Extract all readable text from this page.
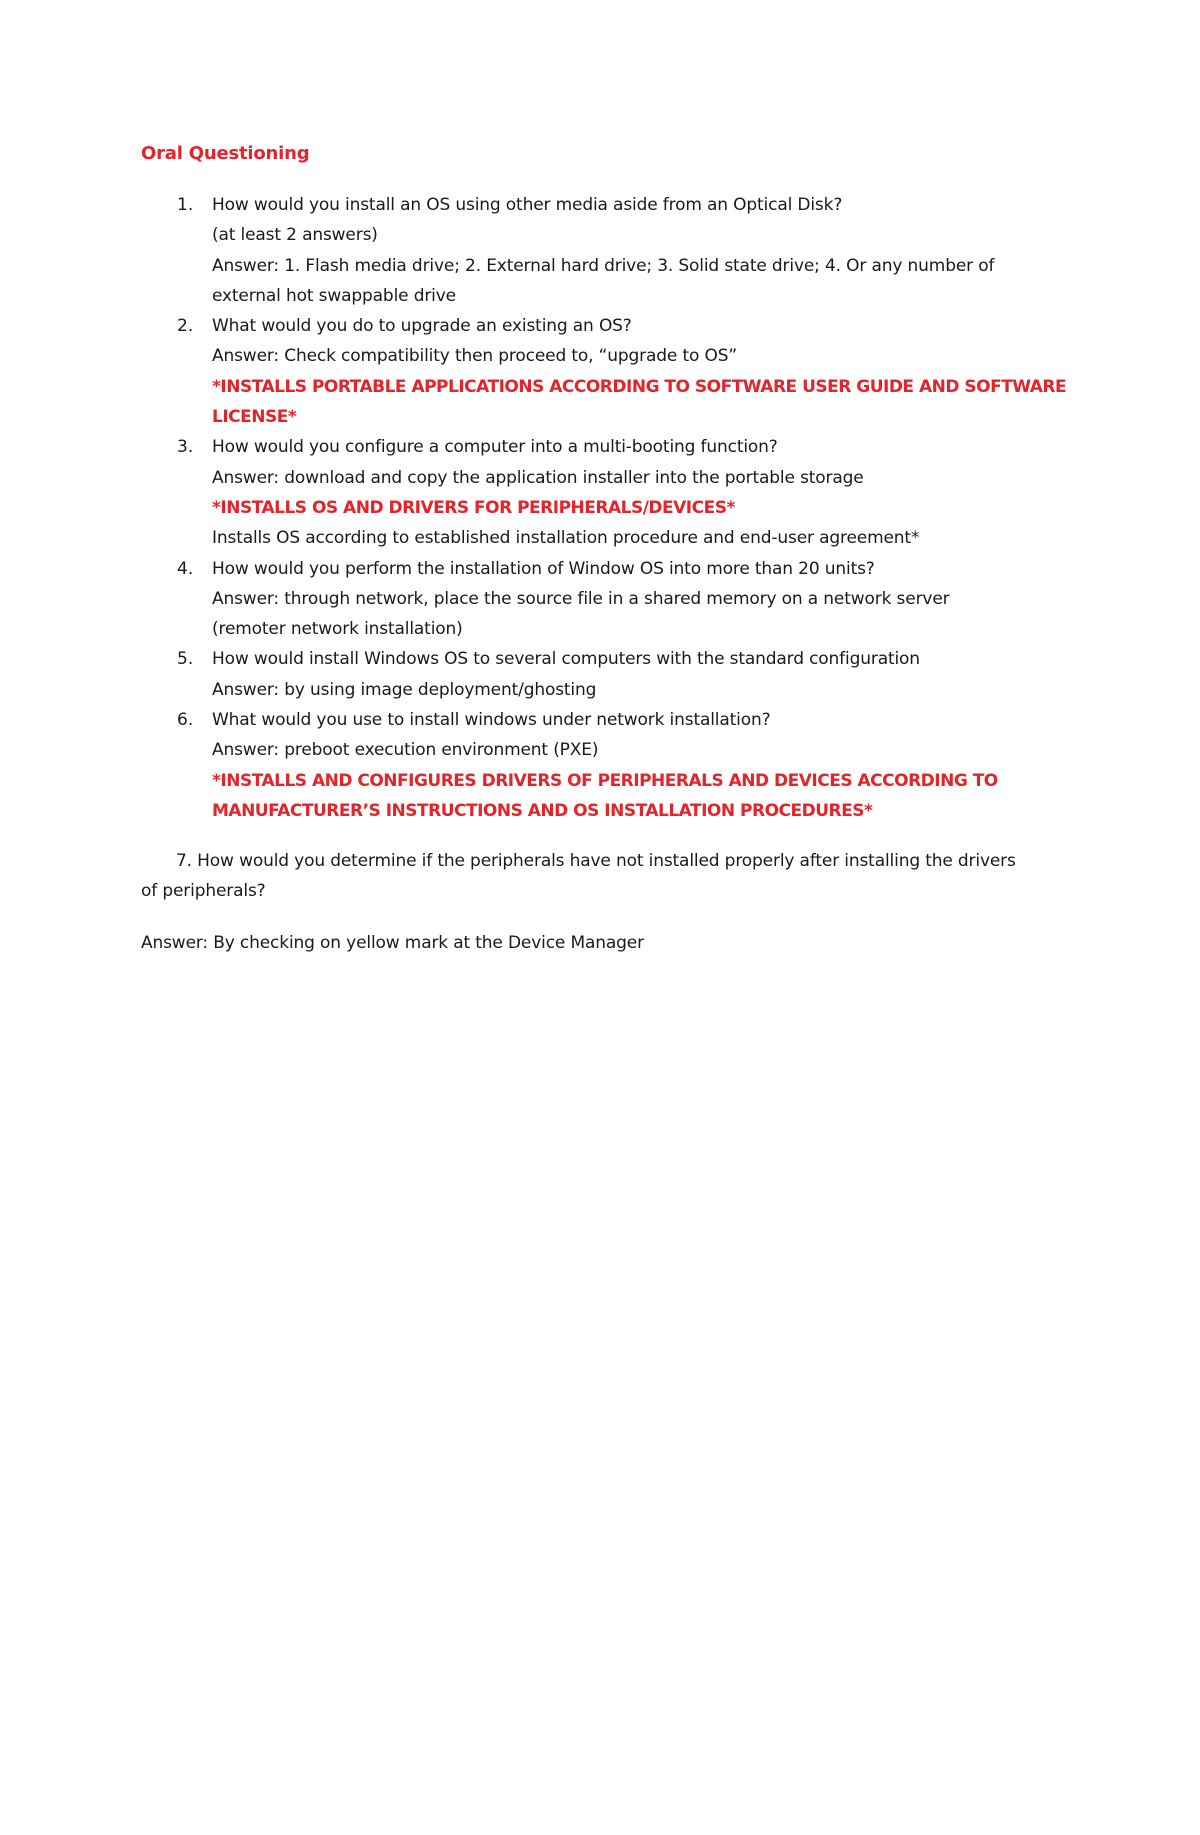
Oral Questioning
1. How would you install an OS using other media aside from an Optical Disk?
(at least 2 answers)
Answer: 1. Flash media drive; 2. External hard drive; 3. Solid state drive; 4. Or any number of
external hot swappable drive
2. What would you do to upgrade an existing an OS?
Answer: Check compatibility then proceed to, “upgrade to OS”
*INSTALLS PORTABLE APPLICATIONS ACCORDING TO SOFTWARE USER GUIDE AND SOFTWARE
LICENSE*
3. How would you configure a computer into a multi-booting function?
Answer: download and copy the application installer into the portable storage
*INSTALLS OS AND DRIVERS FOR PERIPHERALS/DEVICES*
Installs OS according to established installation procedure and end-user agreement*
4. How would you perform the installation of Window OS into more than 20 units?
Answer: through network, place the source file in a shared memory on a network server
(remoter network installation)
5. How would install Windows OS to several computers with the standard configuration
Answer: by using image deployment/ghosting
6. What would you use to install windows under network installation?
Answer: preboot execution environment (PXE)
*INSTALLS AND CONFIGURES DRIVERS OF PERIPHERALS AND DEVICES ACCORDING TO
MANUFACTURER’S INSTRUCTIONS AND OS INSTALLATION PROCEDURES*
7. How would you determine if the peripherals have not installed properly after installing the drivers of peripherals?
Answer: By checking on yellow mark at the Device Manager
